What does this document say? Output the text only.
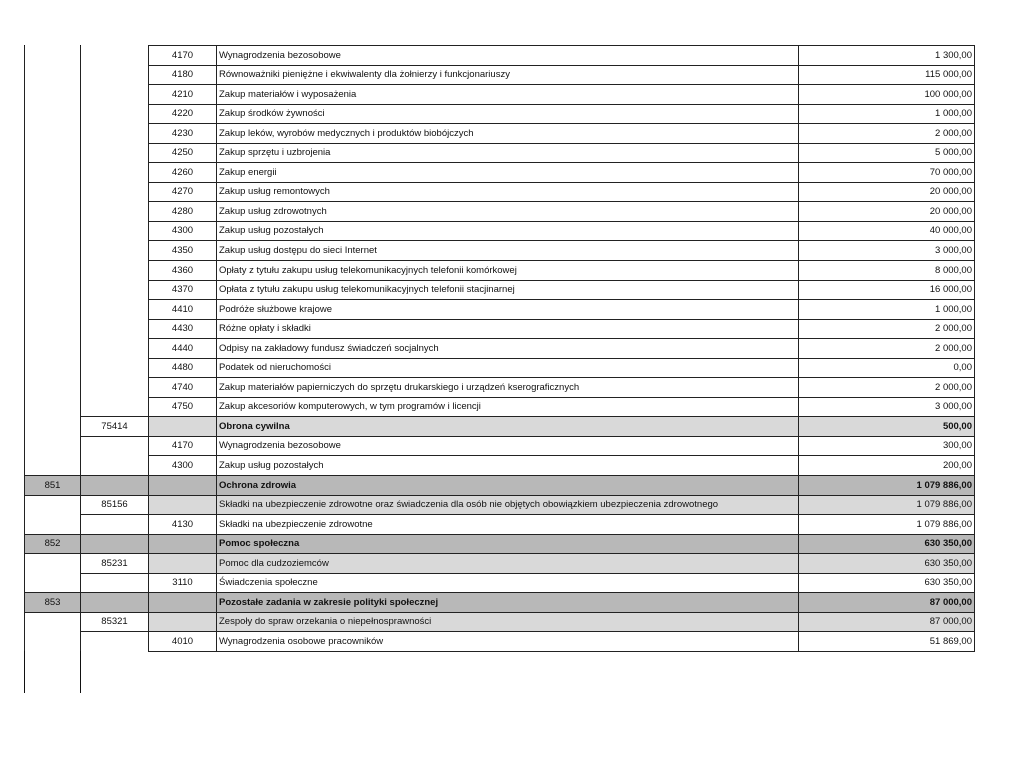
		4170	Wynagrodzenia bezosobowe	1 300,00
		4180	Równoważniki pieniężne i ekwiwalenty dla żołnierzy i funkcjonariuszy	115 000,00
		4210	Zakup materiałów i wyposażenia	100 000,00
		4220	Zakup środków żywności	1 000,00
		4230	Zakup leków, wyrobów medycznych i produktów biobójczych	2 000,00
		4250	Zakup sprzętu i uzbrojenia	5 000,00
		4260	Zakup energii	70 000,00
		4270	Zakup usług remontowych	20 000,00
		4280	Zakup usług zdrowotnych	20 000,00
		4300	Zakup usług pozostałych	40 000,00
		4350	Zakup usług dostępu do sieci Internet	3 000,00
		4360	Opłaty z tytułu zakupu usług telekomunikacyjnych telefonii komórkowej	8 000,00
		4370	Opłata z tytułu zakupu usług telekomunikacyjnych telefonii stacjinarnej	16 000,00
		4410	Podróże służbowe krajowe	1 000,00
		4430	Różne opłaty i składki	2 000,00
		4440	Odpisy na zakładowy fundusz świadczeń socjalnych	2 000,00
		4480	Podatek od nieruchomości	0,00
		4740	Zakup materiałów papierniczych do sprzętu drukarskiego i urządzeń kserograficznych	2 000,00
		4750	Zakup akcesoriów komputerowych, w tym programów i licencji	3 000,00
	75414		Obrona cywilna	500,00
		4170	Wynagrodzenia bezosobowe	300,00
		4300	Zakup usług pozostałych	200,00
851			Ochrona zdrowia	1 079 886,00
	85156		Składki na ubezpieczenie zdrowotne oraz świadczenia dla osób nie objętych obowiązkiem ubezpieczenia zdrowotnego	1 079 886,00
		4130	Składki na ubezpieczenie zdrowotne	1 079 886,00
852			Pomoc społeczna	630 350,00
	85231		Pomoc dla cudzoziemców	630 350,00
		3110	Świadczenia społeczne	630 350,00
853			Pozostałe zadania w zakresie polityki społecznej	87 000,00
	85321		Zespoły do spraw orzekania o niepełnosprawności	87 000,00
		4010	Wynagrodzenia osobowe pracowników	51 869,00
